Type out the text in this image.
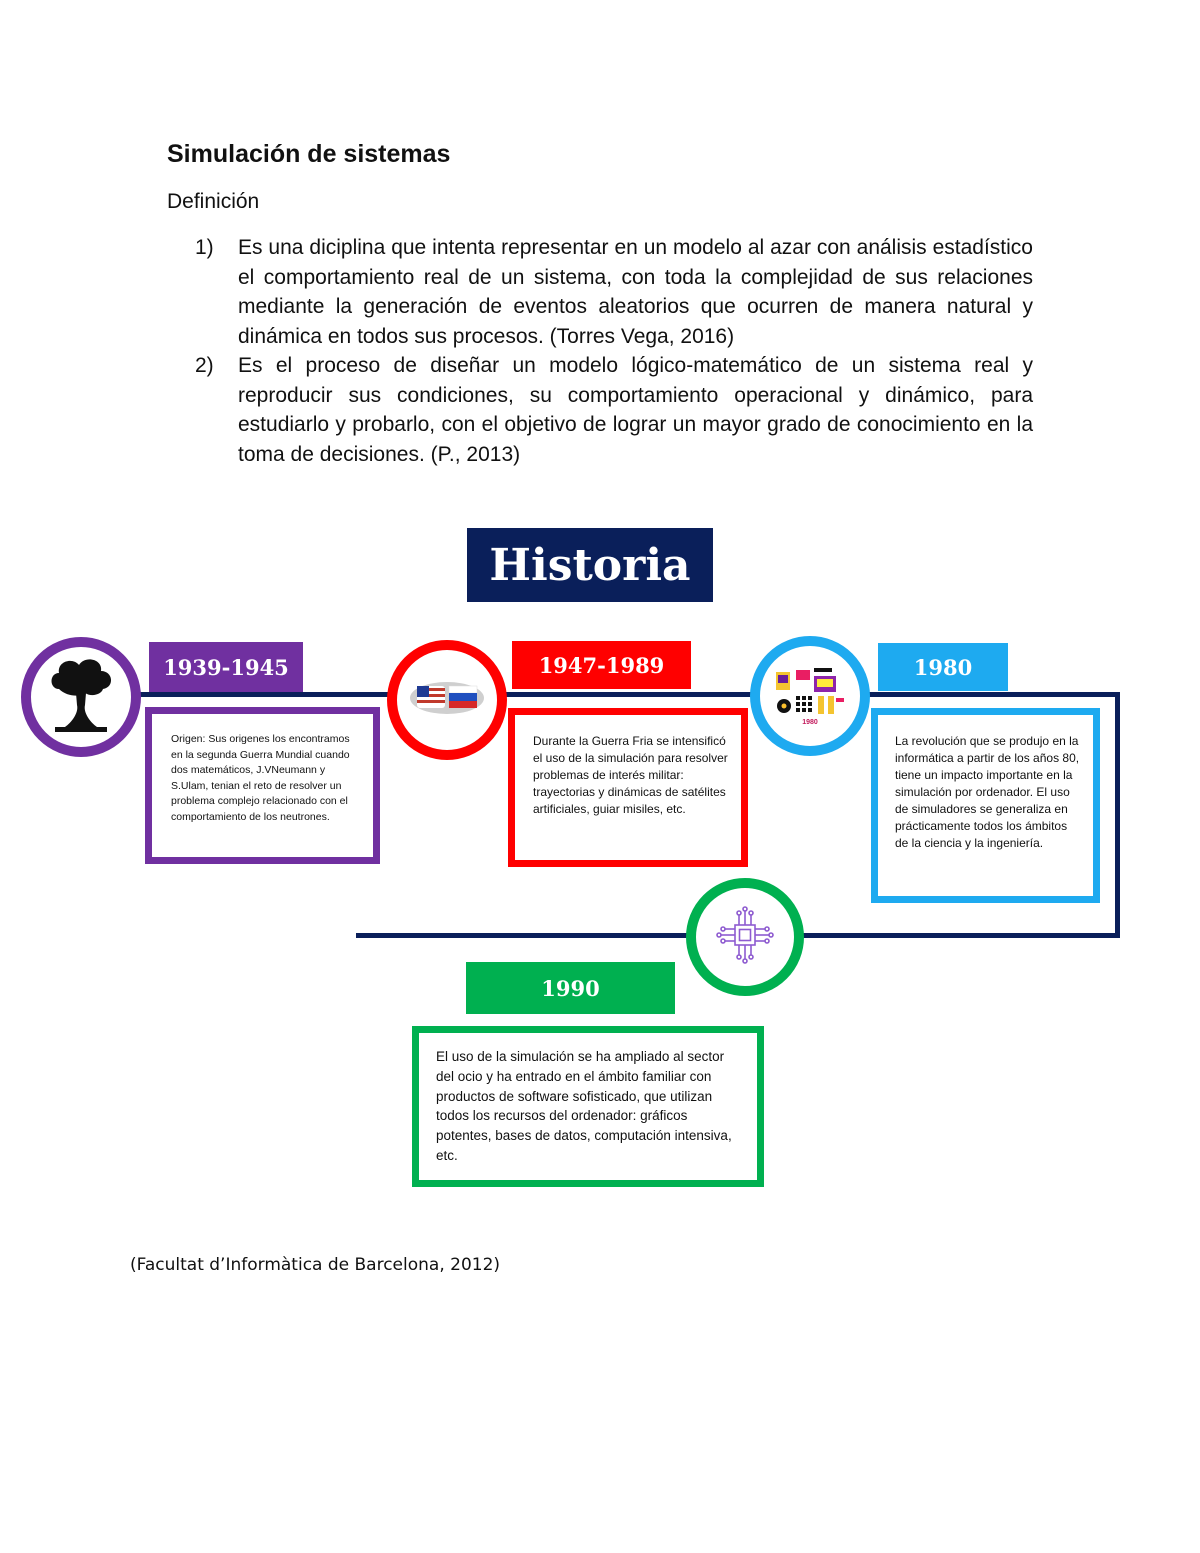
Simulación de sistemas
Definición
1) Es una diciplina que intenta representar en un modelo al azar con análisis estadístico el comportamiento real de un sistema, con toda la complejidad de sus relaciones mediante la generación de eventos aleatorios que ocurren de manera natural y dinámica en todos sus procesos. (Torres Vega, 2016)
2) Es el proceso de diseñar un modelo lógico-matemático de un sistema real y reproducir sus condiciones, su comportamiento operacional y dinámico, para estudiarlo y probarlo, con el objetivo de lograr un mayor grado de conocimiento en la toma de decisiones. (P., 2013)
Historia
1939-1945
Origen: Sus origenes los encontramos en la segunda Guerra Mundial cuando dos matemáticos, J.VNeumann y S.Ulam, tenian el reto de resolver un problema complejo relacionado con el comportamiento de los neutrones.
1947-1989
Durante la Guerra Fria se intensificó el uso de la simulación para resolver problemas de interés militar: trayectorias y dinámicas de satélites artificiales, guiar misiles, etc.
1980
1980
La revolución que se produjo en la informática a partir de los años 80, tiene un impacto importante en la simulación por ordenador. El uso de simuladores se generaliza en prácticamente todos los ámbitos de la ciencia y la ingeniería.
1990
El uso de la simulación se ha ampliado al sector del ocio y ha entrado en el ámbito familiar con productos de software sofisticado, que utilizan todos los recursos del ordenador: gráficos potentes, bases de datos, computación intensiva, etc.
(Facultat d’Informàtica de Barcelona, 2012)
